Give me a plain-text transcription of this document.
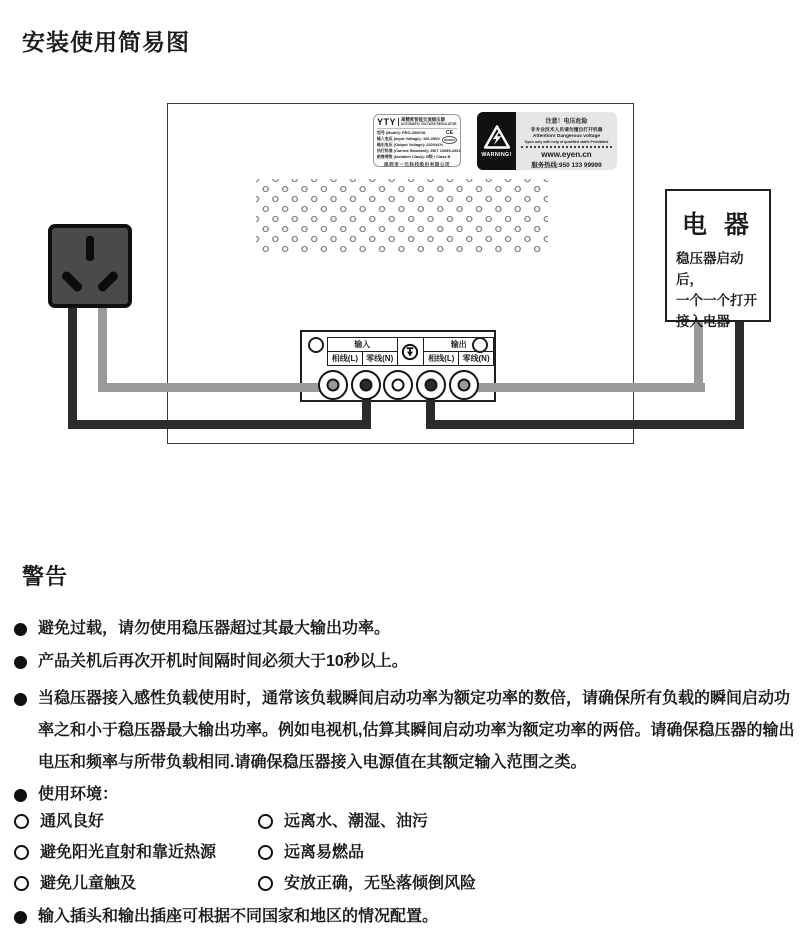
安装使用简易图
YTY 高精度智能交流稳压器
AUTOMATIC VOLTAGE REGULATOR
CE
ISO9001
型号 (Model): PRO-2000VA
输入电压 (Input Voltage): 100-250V
输出电压 (Output Voltage): 220V±2%
执行标准 (Carried Standard): JB/T 10089-2001
绝缘等级 (Isolation Class): B级 / Class B
深圳市一元科技股份有限公司
WARNING!
注意！电压危险
非专业技术人员请勿擅自打开机器
Attention! Dangerous voltage
Open only with help of qualified staffs Prohibited
www.eyen.cn
服务热线:950 133 99999
输入			输出	
相线(L)	零线(N)		相线(L)	零线(N)
电 器
稳压器启动后，
一个一个打开
接入电器
警告
避免过载，请勿使用稳压器超过其最大输出功率。
产品关机后再次开机时间隔时间必须大于10秒以上。
当稳压器接入感性负载使用时，通常该负载瞬间启动功率为额定功率的数倍，请确保所有负载的瞬间启动功率之和小于稳压器最大输出功率。例如电视机,估算其瞬间启动功率为额定功率的两倍。请确保稳压器的输出电压和频率与所带负载相同.请确保稳压器接入电源值在其额定输入范围之类。
使用环境：
通风良好	远离水、潮湿、油污
避免阳光直射和靠近热源	远离易燃品
避免儿童触及	安放正确，无坠落倾倒风险
输入插头和输出插座可根据不同国家和地区的情况配置。
